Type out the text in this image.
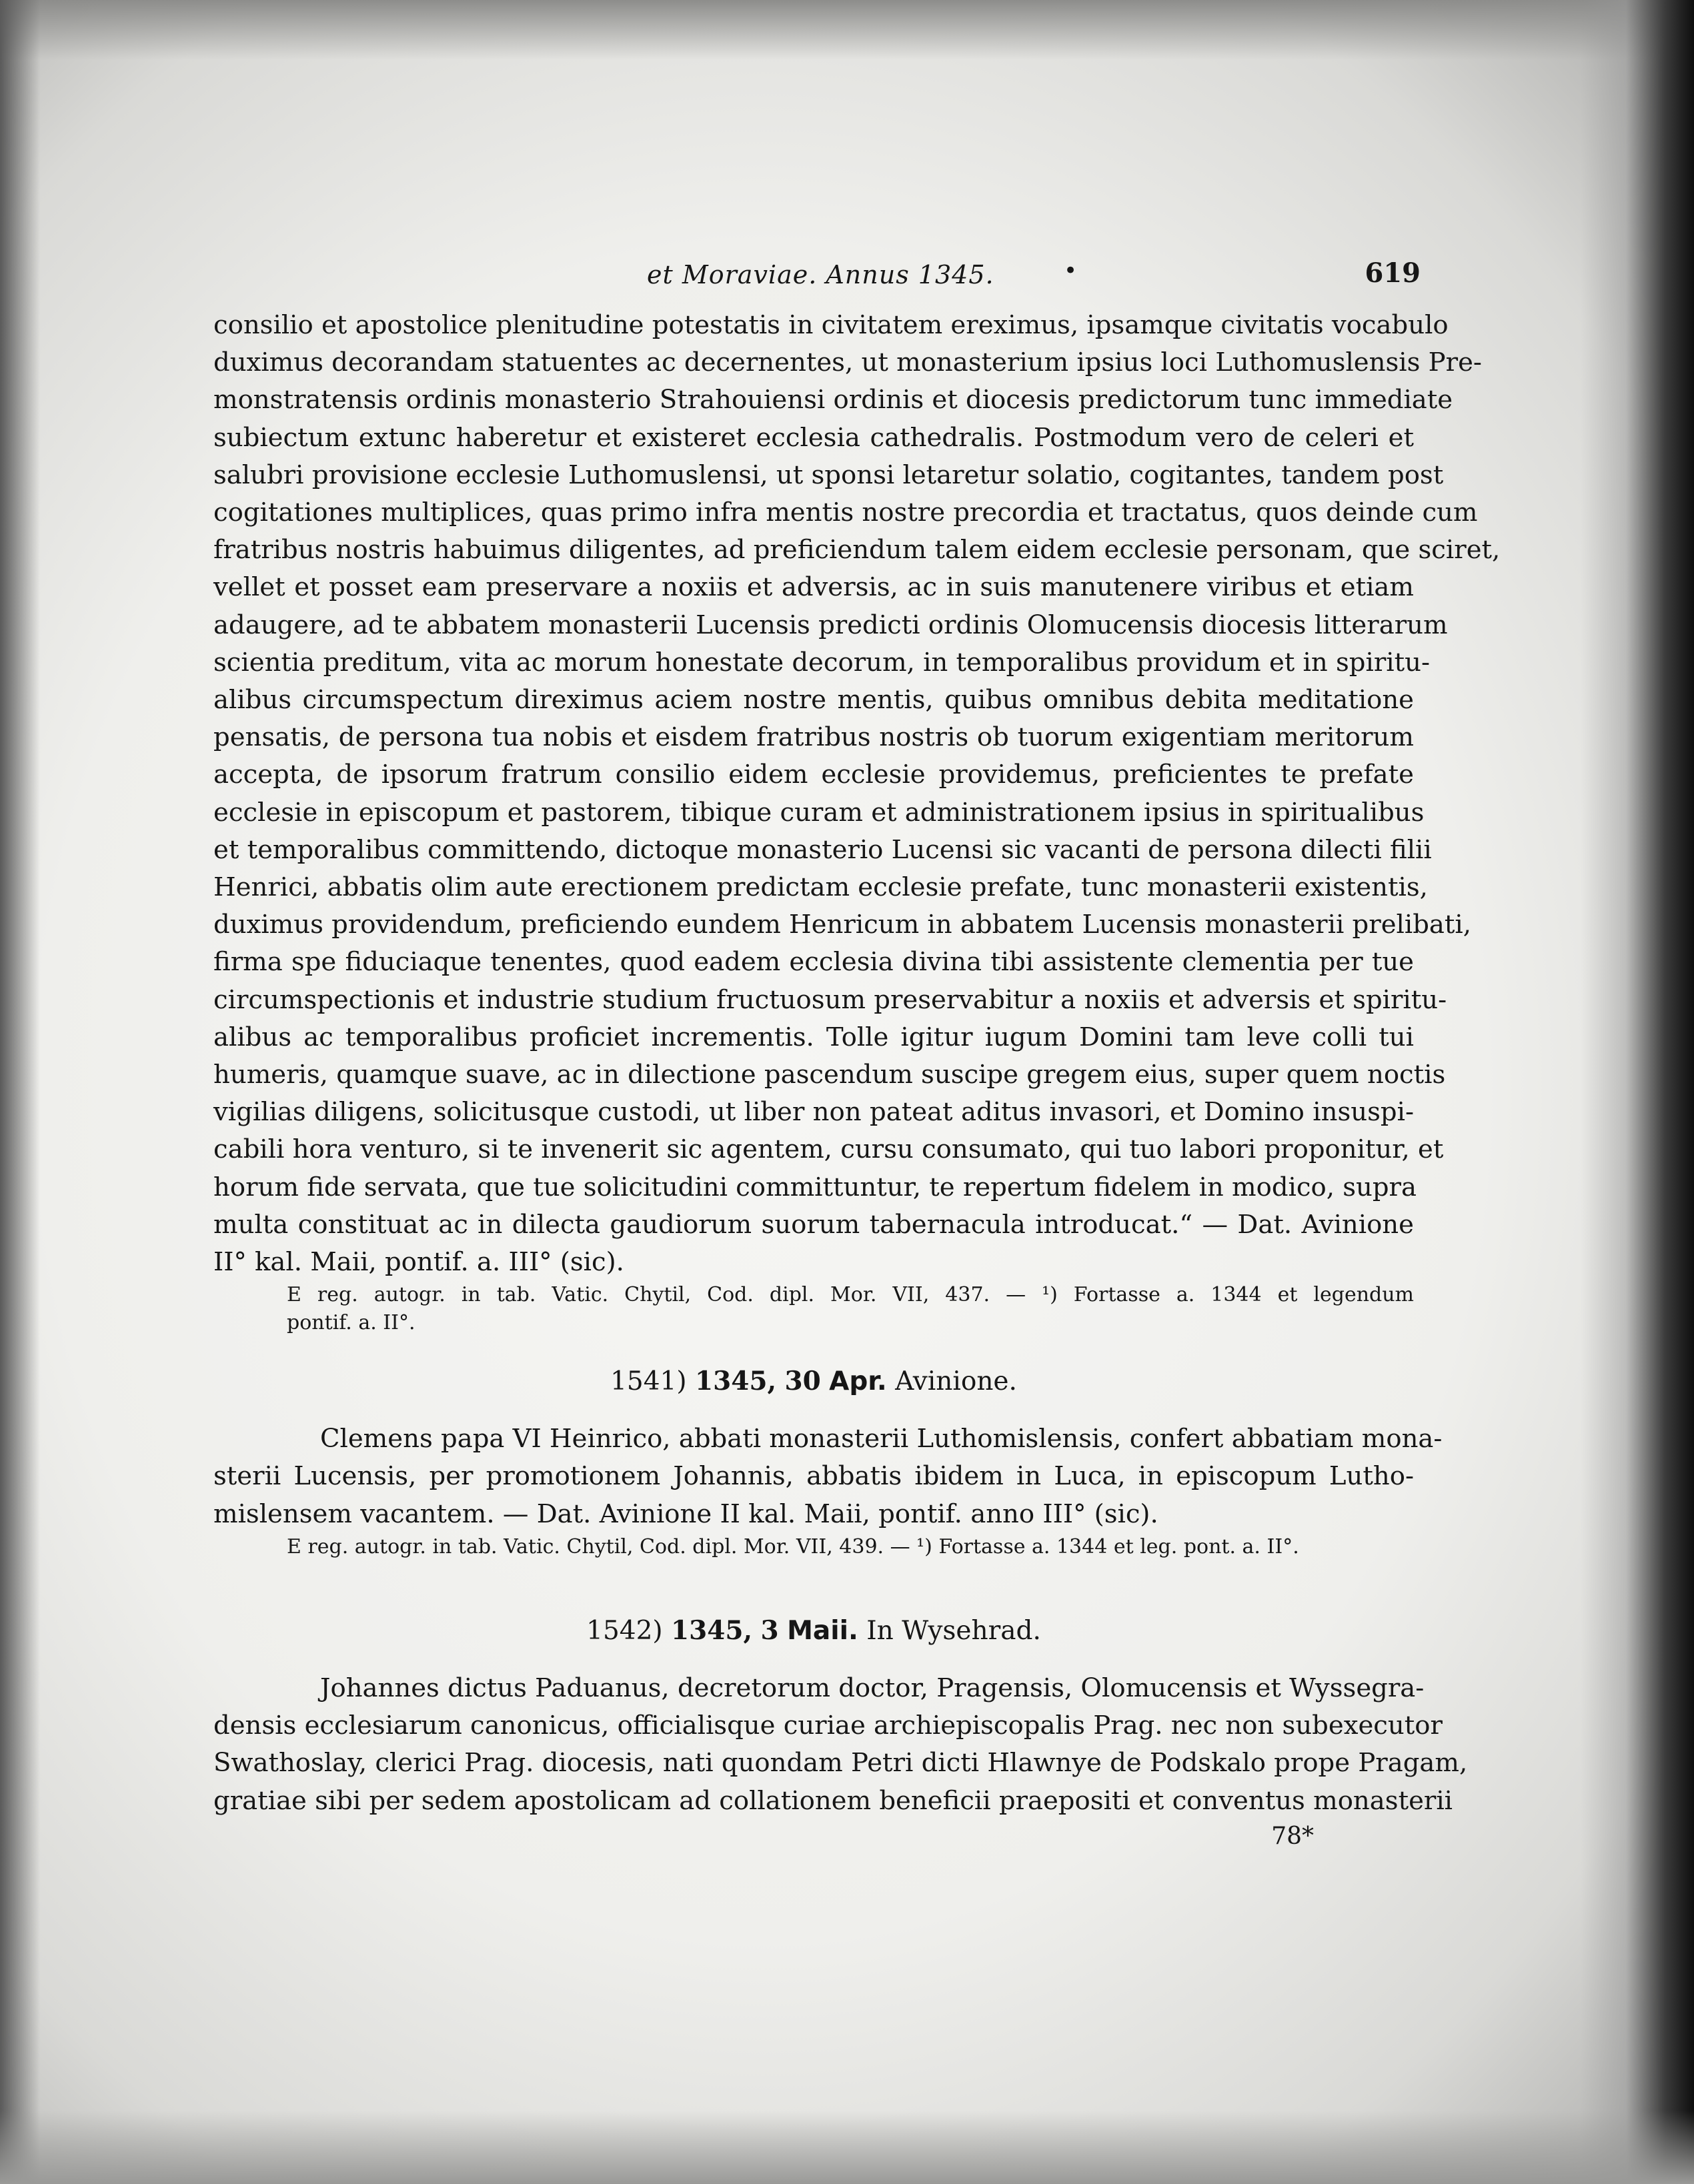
et Moraviae. Annus 1345.	•	619
consilio et apostolice plenitudine potestatis in civitatem ereximus, ipsamque civitatis vocabulo
duximus decorandam statuentes ac decernentes, ut monasterium ipsius loci Luthomuslensis Pre-
monstratensis ordinis monasterio Strahouiensi ordinis et diocesis predictorum tunc immediate
subiectum extunc haberetur et existeret ecclesia cathedralis. Postmodum vero de celeri et
salubri provisione ecclesie Luthomuslensi, ut sponsi letaretur solatio, cogitantes, tandem post
cogitationes multiplices, quas primo infra mentis nostre precordia et tractatus, quos deinde cum
fratribus nostris habuimus diligentes, ad preficiendum talem eidem ecclesie personam, que sciret,
vellet et posset eam preservare a noxiis et adversis, ac in suis manutenere viribus et etiam
adaugere, ad te abbatem monasterii Lucensis predicti ordinis Olomucensis diocesis litterarum
scientia preditum, vita ac morum honestate decorum, in temporalibus providum et in spiritu-
alibus circumspectum direximus aciem nostre mentis, quibus omnibus debita meditatione
pensatis, de persona tua nobis et eisdem fratribus nostris ob tuorum exigentiam meritorum
accepta, de ipsorum fratrum consilio eidem ecclesie providemus, preficientes te prefate
ecclesie in episcopum et pastorem, tibique curam et administrationem ipsius in spiritualibus
et temporalibus committendo, dictoque monasterio Lucensi sic vacanti de persona dilecti filii
Henrici, abbatis olim aute erectionem predictam ecclesie prefate, tunc monasterii existentis,
duximus providendum, preficiendo eundem Henricum in abbatem Lucensis monasterii prelibati,
firma spe fiduciaque tenentes, quod eadem ecclesia divina tibi assistente clementia per tue
circumspectionis et industrie studium fructuosum preservabitur a noxiis et adversis et spiritu-
alibus ac temporalibus proficiet incrementis. Tolle igitur iugum Domini tam leve colli tui
humeris, quamque suave, ac in dilectione pascendum suscipe gregem eius, super quem noctis
vigilias diligens, solicitusque custodi, ut liber non pateat aditus invasori, et Domino insuspi-
cabili hora venturo, si te invenerit sic agentem, cursu consumato, qui tuo labori proponitur, et
horum fide servata, que tue solicitudini committuntur, te repertum fidelem in modico, supra
multa constituat ac in dilecta gaudiorum suorum tabernacula introducat.“ — Dat. Avinione
II° kal. Maii, pontif. a. III° (sic).
E reg. autogr. in tab. Vatic. Chytil, Cod. dipl. Mor. VII, 437. — ¹) Fortasse a. 1344 et legendum
pontif. a. II°.
1541) 1345, 30 Apr. Avinione.
Clemens papa VI Heinrico, abbati monasterii Luthomislensis, confert abbatiam mona-
sterii Lucensis, per promotionem Johannis, abbatis ibidem in Luca, in episcopum Lutho-
mislensem vacantem. — Dat. Avinione II kal. Maii, pontif. anno III° (sic).
E reg. autogr. in tab. Vatic. Chytil, Cod. dipl. Mor. VII, 439. — ¹) Fortasse a. 1344 et leg. pont. a. II°.
1542) 1345, 3 Maii. In Wysehrad.
Johannes dictus Paduanus, decretorum doctor, Pragensis, Olomucensis et Wyssegra-
densis ecclesiarum canonicus, officialisque curiae archiepiscopalis Prag. nec non subexecutor
Swathoslay, clerici Prag. diocesis, nati quondam Petri dicti Hlawnye de Podskalo prope Pragam,
gratiae sibi per sedem apostolicam ad collationem beneficii praepositi et conventus monasterii
78*
